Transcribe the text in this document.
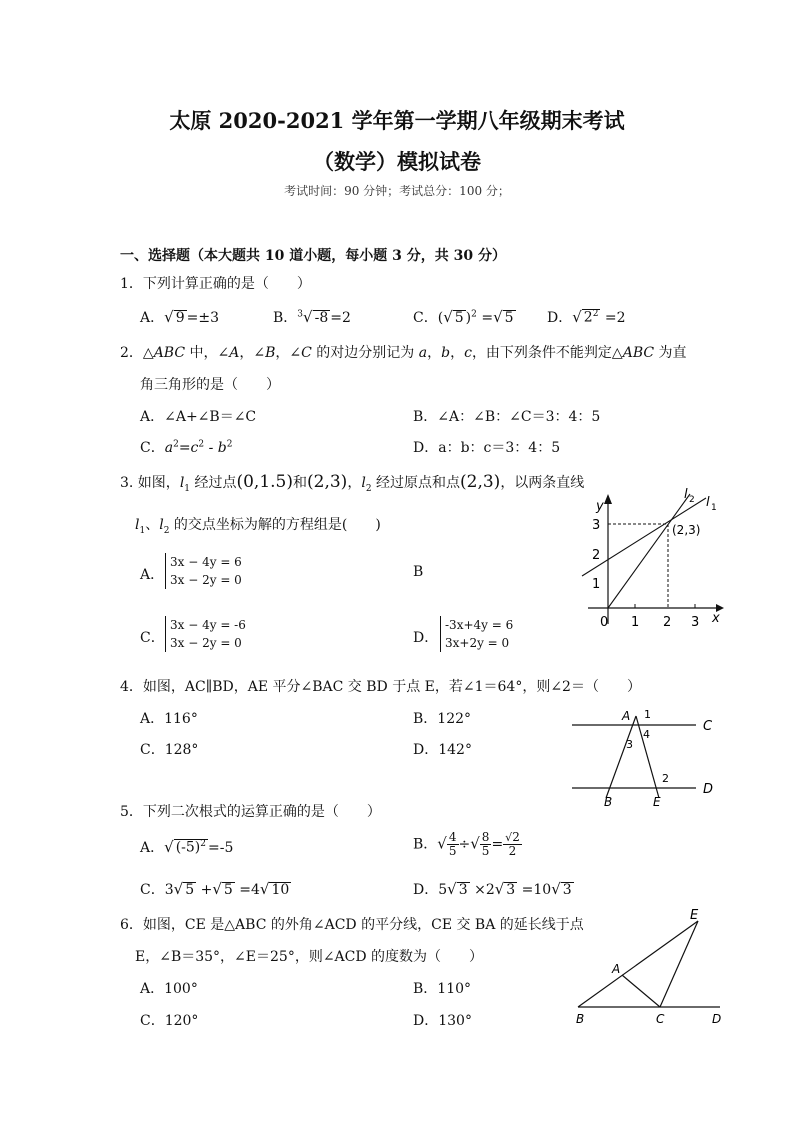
太原 2020-2021 学年第一学期八年级期末考试
（数学）模拟试卷
考试时间：90 分钟；考试总分：100 分；
一、选择题（本大题共 10 道小题，每小题 3 分，共 30 分）
1．下列计算正确的是（　　）
A．√ 9 =±3	B．$^3$√ -8 =2	C．(√ 5 )$^2$ =√ 5 D．√ $2^2 =2$
2．△ABC 中，∠A，∠B，∠C 的对边分别记为 a，b，c，由下列条件不能判定△ABC 为直
角三角形的是（　　）
A．∠A+∠B＝∠C	B．∠A：∠B：∠C＝3：4：5
C．$a^2=c^2 - b^2$	D．a：b：c＝3：4：5
3. 如图，$l_1$ 经过点(0,1.5)和(2,3)，$l_2$ 经过原点和点(2,3)，以两条直线
$l_1$、$l_2$ 的交点坐标为解的方程组是(　　)
A．
3x − 4y = 6
3x − 2y = 0	B
C．
3x − 4y = -6
3x − 2y = 0	D．
-3x+4y = 6
3x+2y = 0
y
x
3
2
1
0 1 2 3
(2,3)
l 2 l 1
4．如图，AC∥BD，AE 平分∠BAC 交 BD 于点 E，若∠1＝64°，则∠2＝（　　）
A．116°	B．122°
C．128°	D．142°
A 1
4
3
2
C
D
B	E
5．下列二次根式的运算正确的是（　　）
A．√ $(-5)^2 =-5$	B．√ $\frac{4}{5}$ ÷√ $\frac{8}{5} = \frac{√2}{2}$
C．3√ 5 +√ 5 =4√ 10	D．5√ 3 ×2√ 3 =10√ 3
6．如图，CE 是△ABC 的外角∠ACD 的平分线，CE 交 BA 的延长线于点
E，∠B＝35°，∠E＝25°，则∠ACD 的度数为（　　）
A．100°	B．110°
C．120°	D．130°
E
A
B	C	D
